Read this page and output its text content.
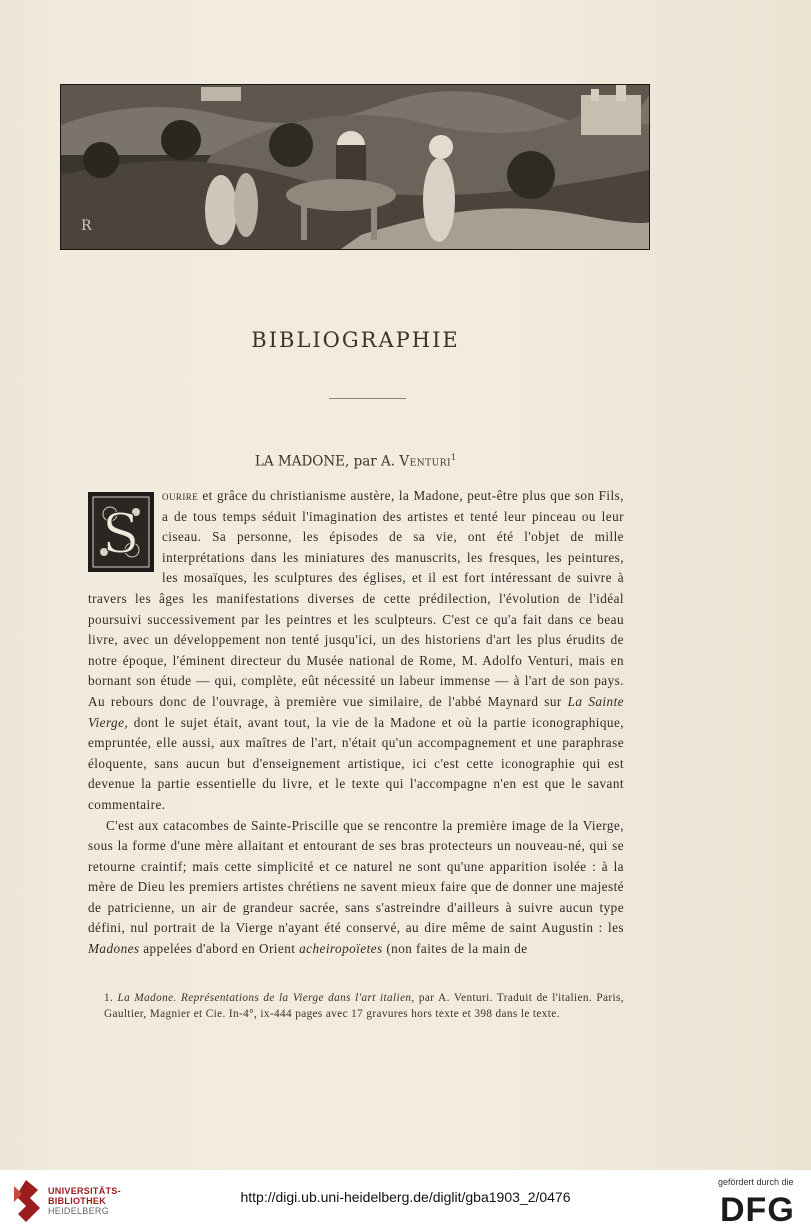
R
BIBLIOGRAPHIE
LA MADONE, par A. Venturi$^1$
S

ourire et grâce du christianisme austère, la Madone, peut-être plus que son Fils, a de tous temps séduit l'imagination des artistes et tenté leur pinceau ou leur ciseau. Sa personne, les épisodes de sa vie, ont été l'objet de mille interprétations dans les miniatures des manuscrits, les fresques, les peintures, les mosaïques, les sculptures des églises, et il est fort intéressant de suivre à travers les âges les manifestations diverses de cette prédilection, l'évolution de l'idéal poursuivi successivement par les peintres et les sculpteurs. C'est ce qu'a fait dans ce beau livre, avec un développement non tenté jusqu'ici, un des historiens d'art les plus érudits de notre époque, l'éminent directeur du Musée national de Rome, M. Adolfo Venturi, mais en bornant son étude — qui, complète, eût nécessité un labeur immense — à l'art de son pays. Au rebours donc de l'ouvrage, à première vue similaire, de l'abbé Maynard sur La Sainte Vierge, dont le sujet était, avant tout, la vie de la Madone et où la partie iconographique, empruntée, elle aussi, aux maîtres de l'art, n'était qu'un accompagnement et une paraphrase éloquente, sans aucun but d'enseignement artistique, ici c'est cette iconographie qui est devenue la partie essentielle du livre, et le texte qui l'accompagne n'en est que le savant commentaire.

C'est aux catacombes de Sainte-Priscille que se rencontre la première image de la Vierge, sous la forme d'une mère allaitant et entourant de ses bras protecteurs un nouveau-né, qui se retourne craintif; mais cette simplicité et ce naturel ne sont qu'une apparition isolée : à la mère de Dieu les premiers artistes chrétiens ne savent mieux faire que de donner une majesté de patricienne, un air de grandeur sacrée, sans s'astreindre d'ailleurs à suivre aucun type défini, nul portrait de la Vierge n'ayant été conservé, au dire même de saint Augustin : les Madones appelées d'abord en Orient acheiropoïetes (non faites de la main de

1. La Madone. Représentations de la Vierge dans l'art italien, par A. Venturi. Traduit de l'italien. Paris, Gaultier, Magnier et Cie. In-4°, ix-444 pages avec 17 gravures hors texte et 398 dans le texte.
UNIVERSITÄTS-
BIBLIOTHEK
HEIDELBERG
http://digi.ub.uni-heidelberg.de/diglit/gba1903_2/0476
gefördert durch die
DFG
